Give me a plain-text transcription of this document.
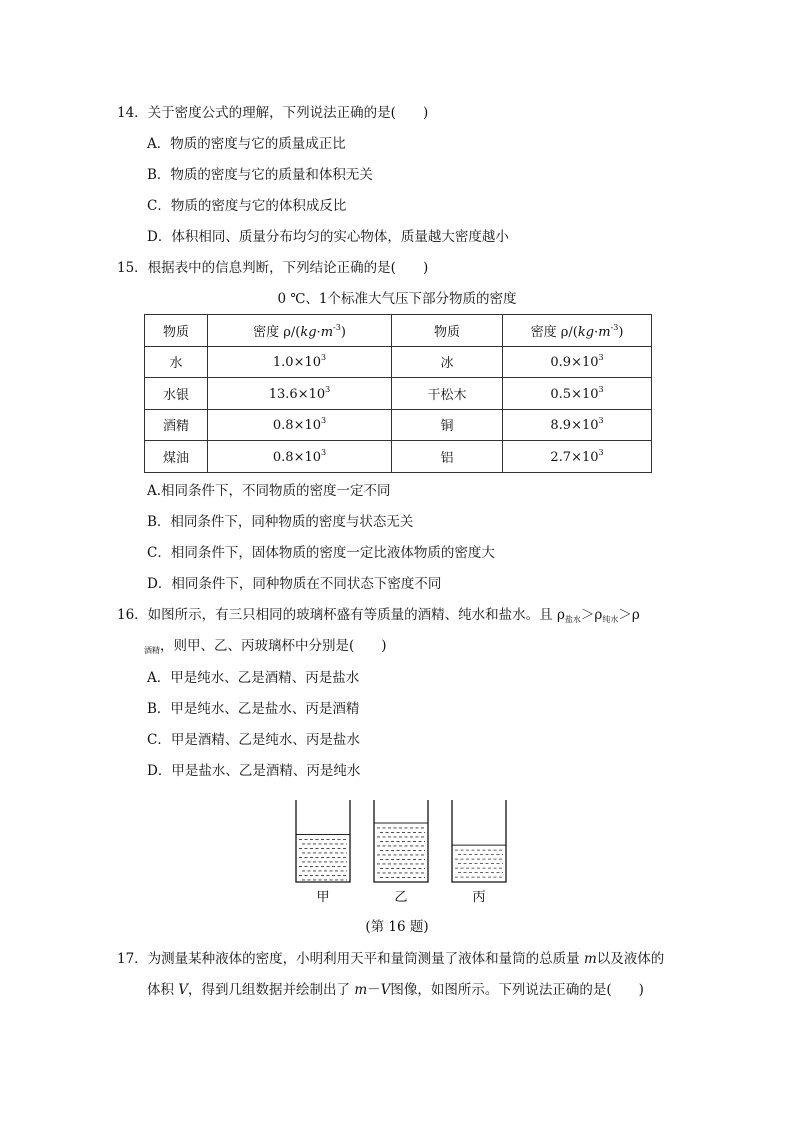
14．关于密度公式的理解，下列说法正确的是(　　)
A．物质的密度与它的质量成正比
B．物质的密度与它的质量和体积无关
C．物质的密度与它的体积成反比
D．体积相同、质量分布均匀的实心物体，质量越大密度越小
15．根据表中的信息判断，下列结论正确的是(　　)
0 ℃、1个标准大气压下部分物质的密度
物质	密度 $\rho/(kg\cdot m^{-3})$	物质	密度 $\rho/(kg\cdot m^{-3})$
水	$1.0\times 10^3$	冰	$0.9\times 10^3$
水银	$13.6\times 10^3$	干松木	$0.5\times 10^3$
酒精	$0.8\times 10^3$	铜	$8.9\times 10^3$
煤油	$0.8\times 10^3$	铝	$2.7\times 10^3$
A.相同条件下，不同物质的密度一定不同
B．相同条件下，同种物质的密度与状态无关
C．相同条件下，固体物质的密度一定比液体物质的密度大
D．相同条件下，同种物质在不同状态下密度不同
16．如图所示，有三只相同的玻璃杯盛有等质量的酒精、纯水和盐水。且 $\rho_{盐水}>\rho_{纯水}>\rho$
$_{酒精}$，则甲、乙、丙玻璃杯中分别是(　　)
A．甲是纯水、乙是酒精、丙是盐水
B．甲是纯水、乙是盐水、丙是酒精
C．甲是酒精、乙是纯水、丙是盐水
D．甲是盐水、乙是酒精、丙是纯水
甲	乙	丙
(第 16 题)
17．为测量某种液体的密度，小明利用天平和量筒测量了液体和量筒的总质量 m以及液体的
体积 V，得到几组数据并绘制出了 m－V图像，如图所示。下列说法正确的是(　　)
